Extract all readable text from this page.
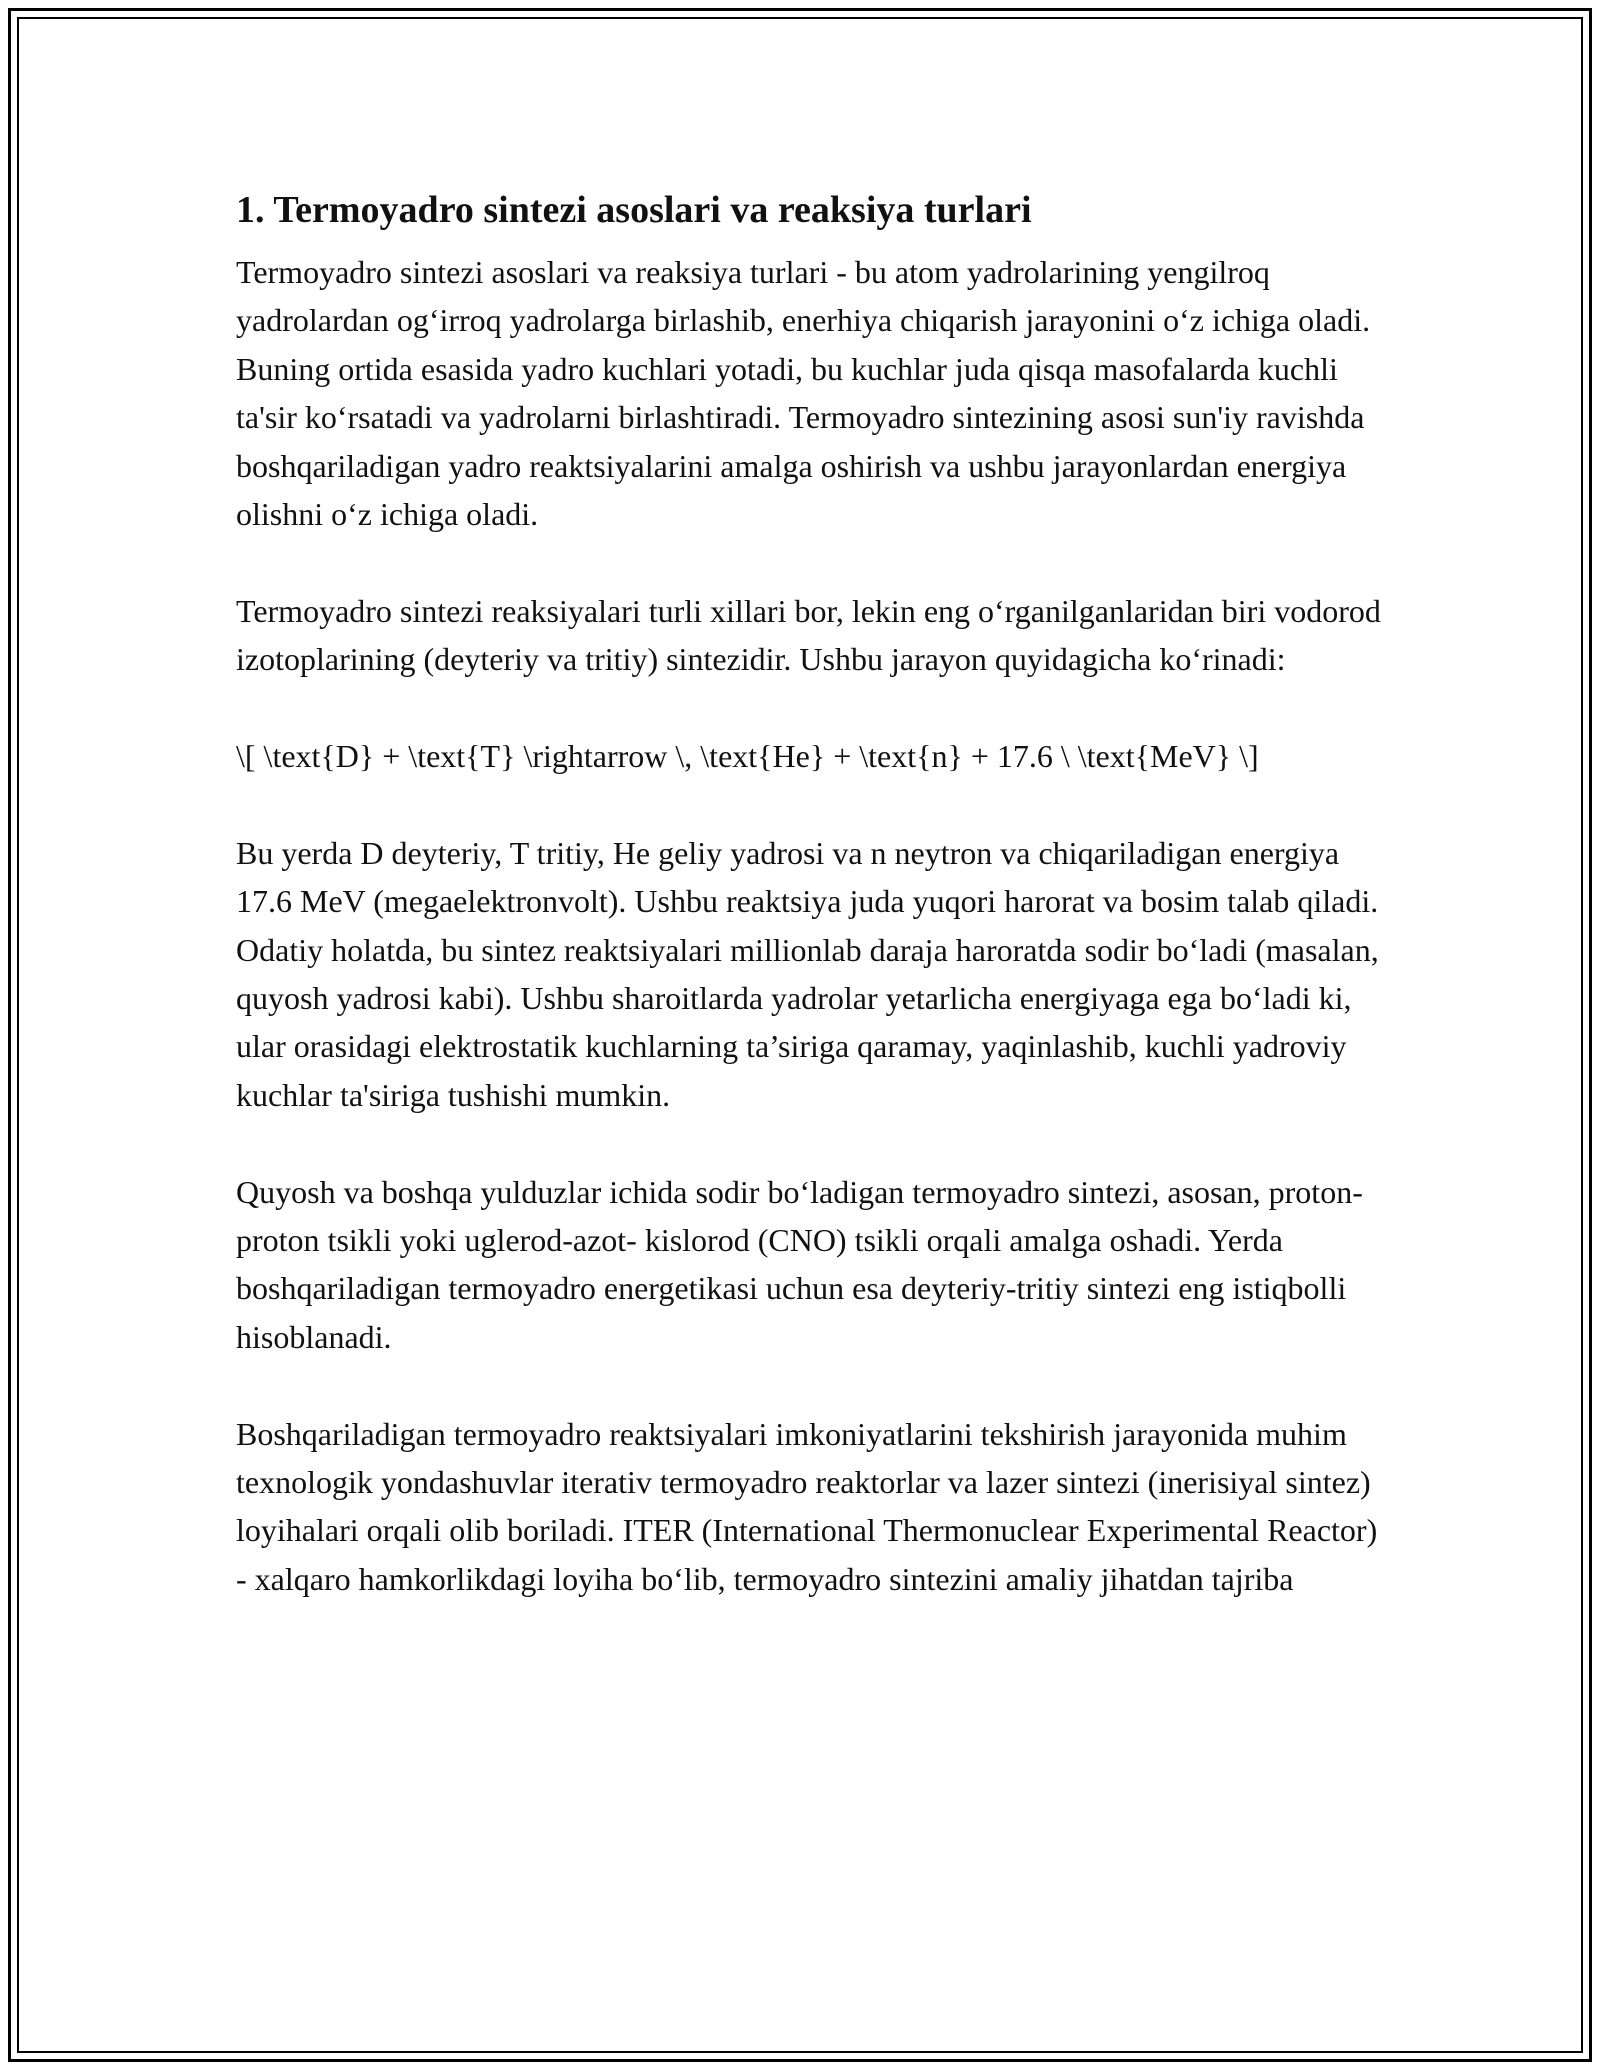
1. Termoyadro sintezi asoslari va reaksiya turlari
Termoyadro sintezi asoslari va reaksiya turlari - bu atom yadrolarining yengilroq yadrolardan og‘irroq yadrolarga birlashib, enerhiya chiqarish jarayonini o‘z ichiga oladi. Buning ortida esasida yadro kuchlari yotadi, bu kuchlar juda qisqa masofalarda kuchli ta'sir ko‘rsatadi va yadrolarni birlashtiradi. Termoyadro sintezining asosi sun'iy ravishda boshqariladigan yadro reaktsiyalarini amalga oshirish va ushbu jarayonlardan energiya olishni o‘z ichiga oladi.
Termoyadro sintezi reaksiyalari turli xillari bor, lekin eng o‘rganilganlaridan biri vodorod izotoplarining (deyteriy va tritiy) sintezidir. Ushbu jarayon quyidagicha ko‘rinadi:
\[ \text{D} + \text{T} \rightarrow \, \text{He} + \text{n} + 17.6 \ \text{MeV} \]
Bu yerda D deyteriy, T tritiy, He geliy yadrosi va n neytron va chiqariladigan energiya 17.6 MeV (megaelektronvolt). Ushbu reaktsiya juda yuqori harorat va bosim talab qiladi. Odatiy holatda, bu sintez reaktsiyalari millionlab daraja haroratda sodir bo‘ladi (masalan, quyosh yadrosi kabi). Ushbu sharoitlarda yadrolar yetarlicha energiyaga ega bo‘ladi ki, ular orasidagi elektrostatik kuchlarning ta’siriga qaramay, yaqinlashib, kuchli yadroviy kuchlar ta'siriga tushishi mumkin.
Quyosh va boshqa yulduzlar ichida sodir bo‘ladigan termoyadro sintezi, asosan, proton-proton tsikli yoki uglerod-azot- kislorod (CNO) tsikli orqali amalga oshadi. Yerda boshqariladigan termoyadro energetikasi uchun esa deyteriy-tritiy sintezi eng istiqbolli hisoblanadi.
Boshqariladigan termoyadro reaktsiyalari imkoniyatlarini tekshirish jarayonida muhim texnologik yondashuvlar iterativ termoyadro reaktorlar va lazer sintezi (inerisiyal sintez) loyihalari orqali olib boriladi. ITER (International Thermonuclear Experimental Reactor) - xalqaro hamkorlikdagi loyiha bo‘lib, termoyadro sintezini amaliy jihatdan tajriba
